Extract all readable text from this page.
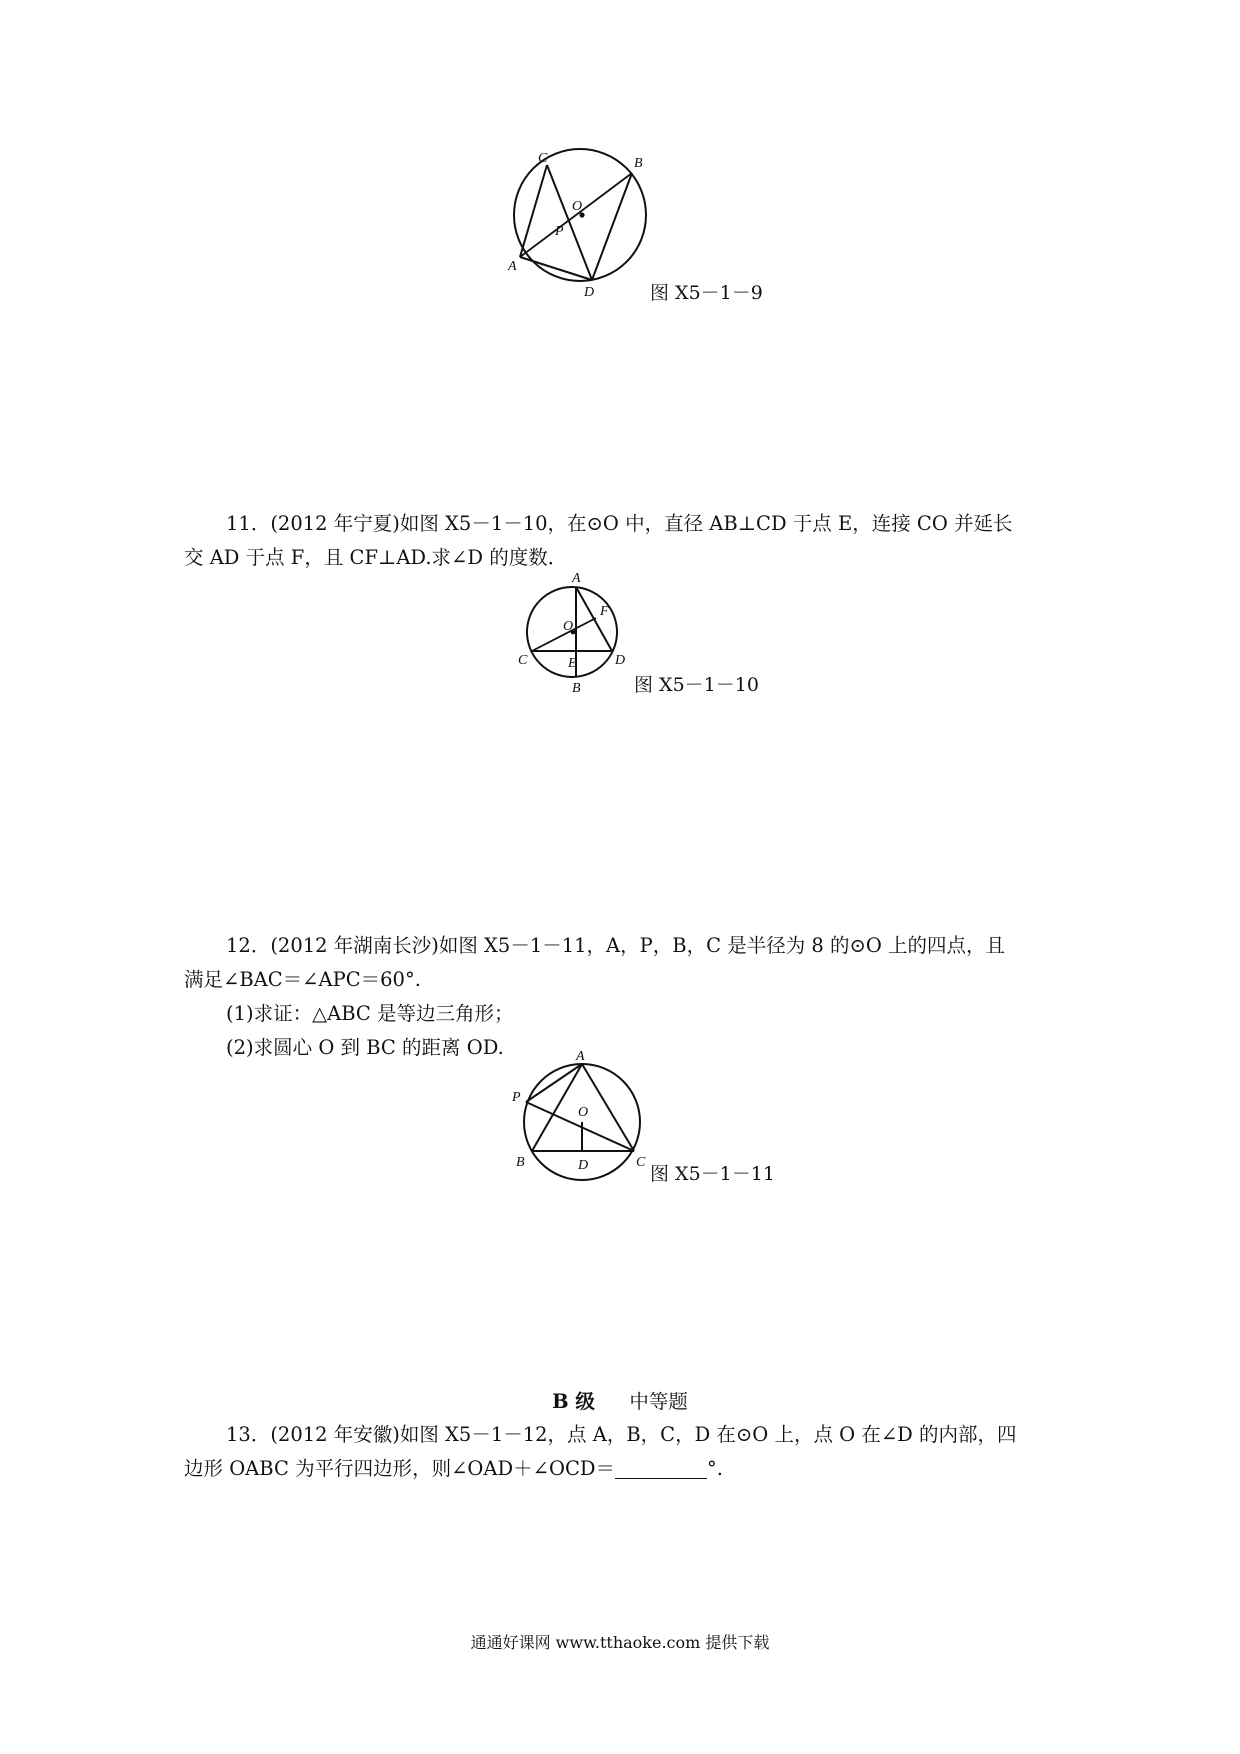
C	B
O
P
A
D	图 X5－1－9

11．(2012 年宁夏)如图 X5－1－10，在⊙O 中，直径 AB⊥CD 于点 E，连接 CO 并延长

交 AD 于点 F，且 CF⊥AD.求∠D 的度数．

A
O
F
C	E	D
B	图 X5－1－10

12．(2012 年湖南长沙)如图 X5－1－11，A，P，B，C 是半径为 8 的⊙O 上的四点，且

满足∠BAC＝∠APC＝60°.

(1)求证：△ABC 是等边三角形；

(2)求圆心 O 到 BC 的距离 OD.	A
P
O
B	D	C
图 X5－1－11
B 级 中等题

13．(2012 年安徽)如图 X5－1－12，点 A，B，C，D 在⊙O 上，点 O 在∠D 的内部，四

边形 OABC 为平行四边形，则∠OAD＋∠OCD＝	°.

通通好课网 www.tthaoke.com 提供下载
